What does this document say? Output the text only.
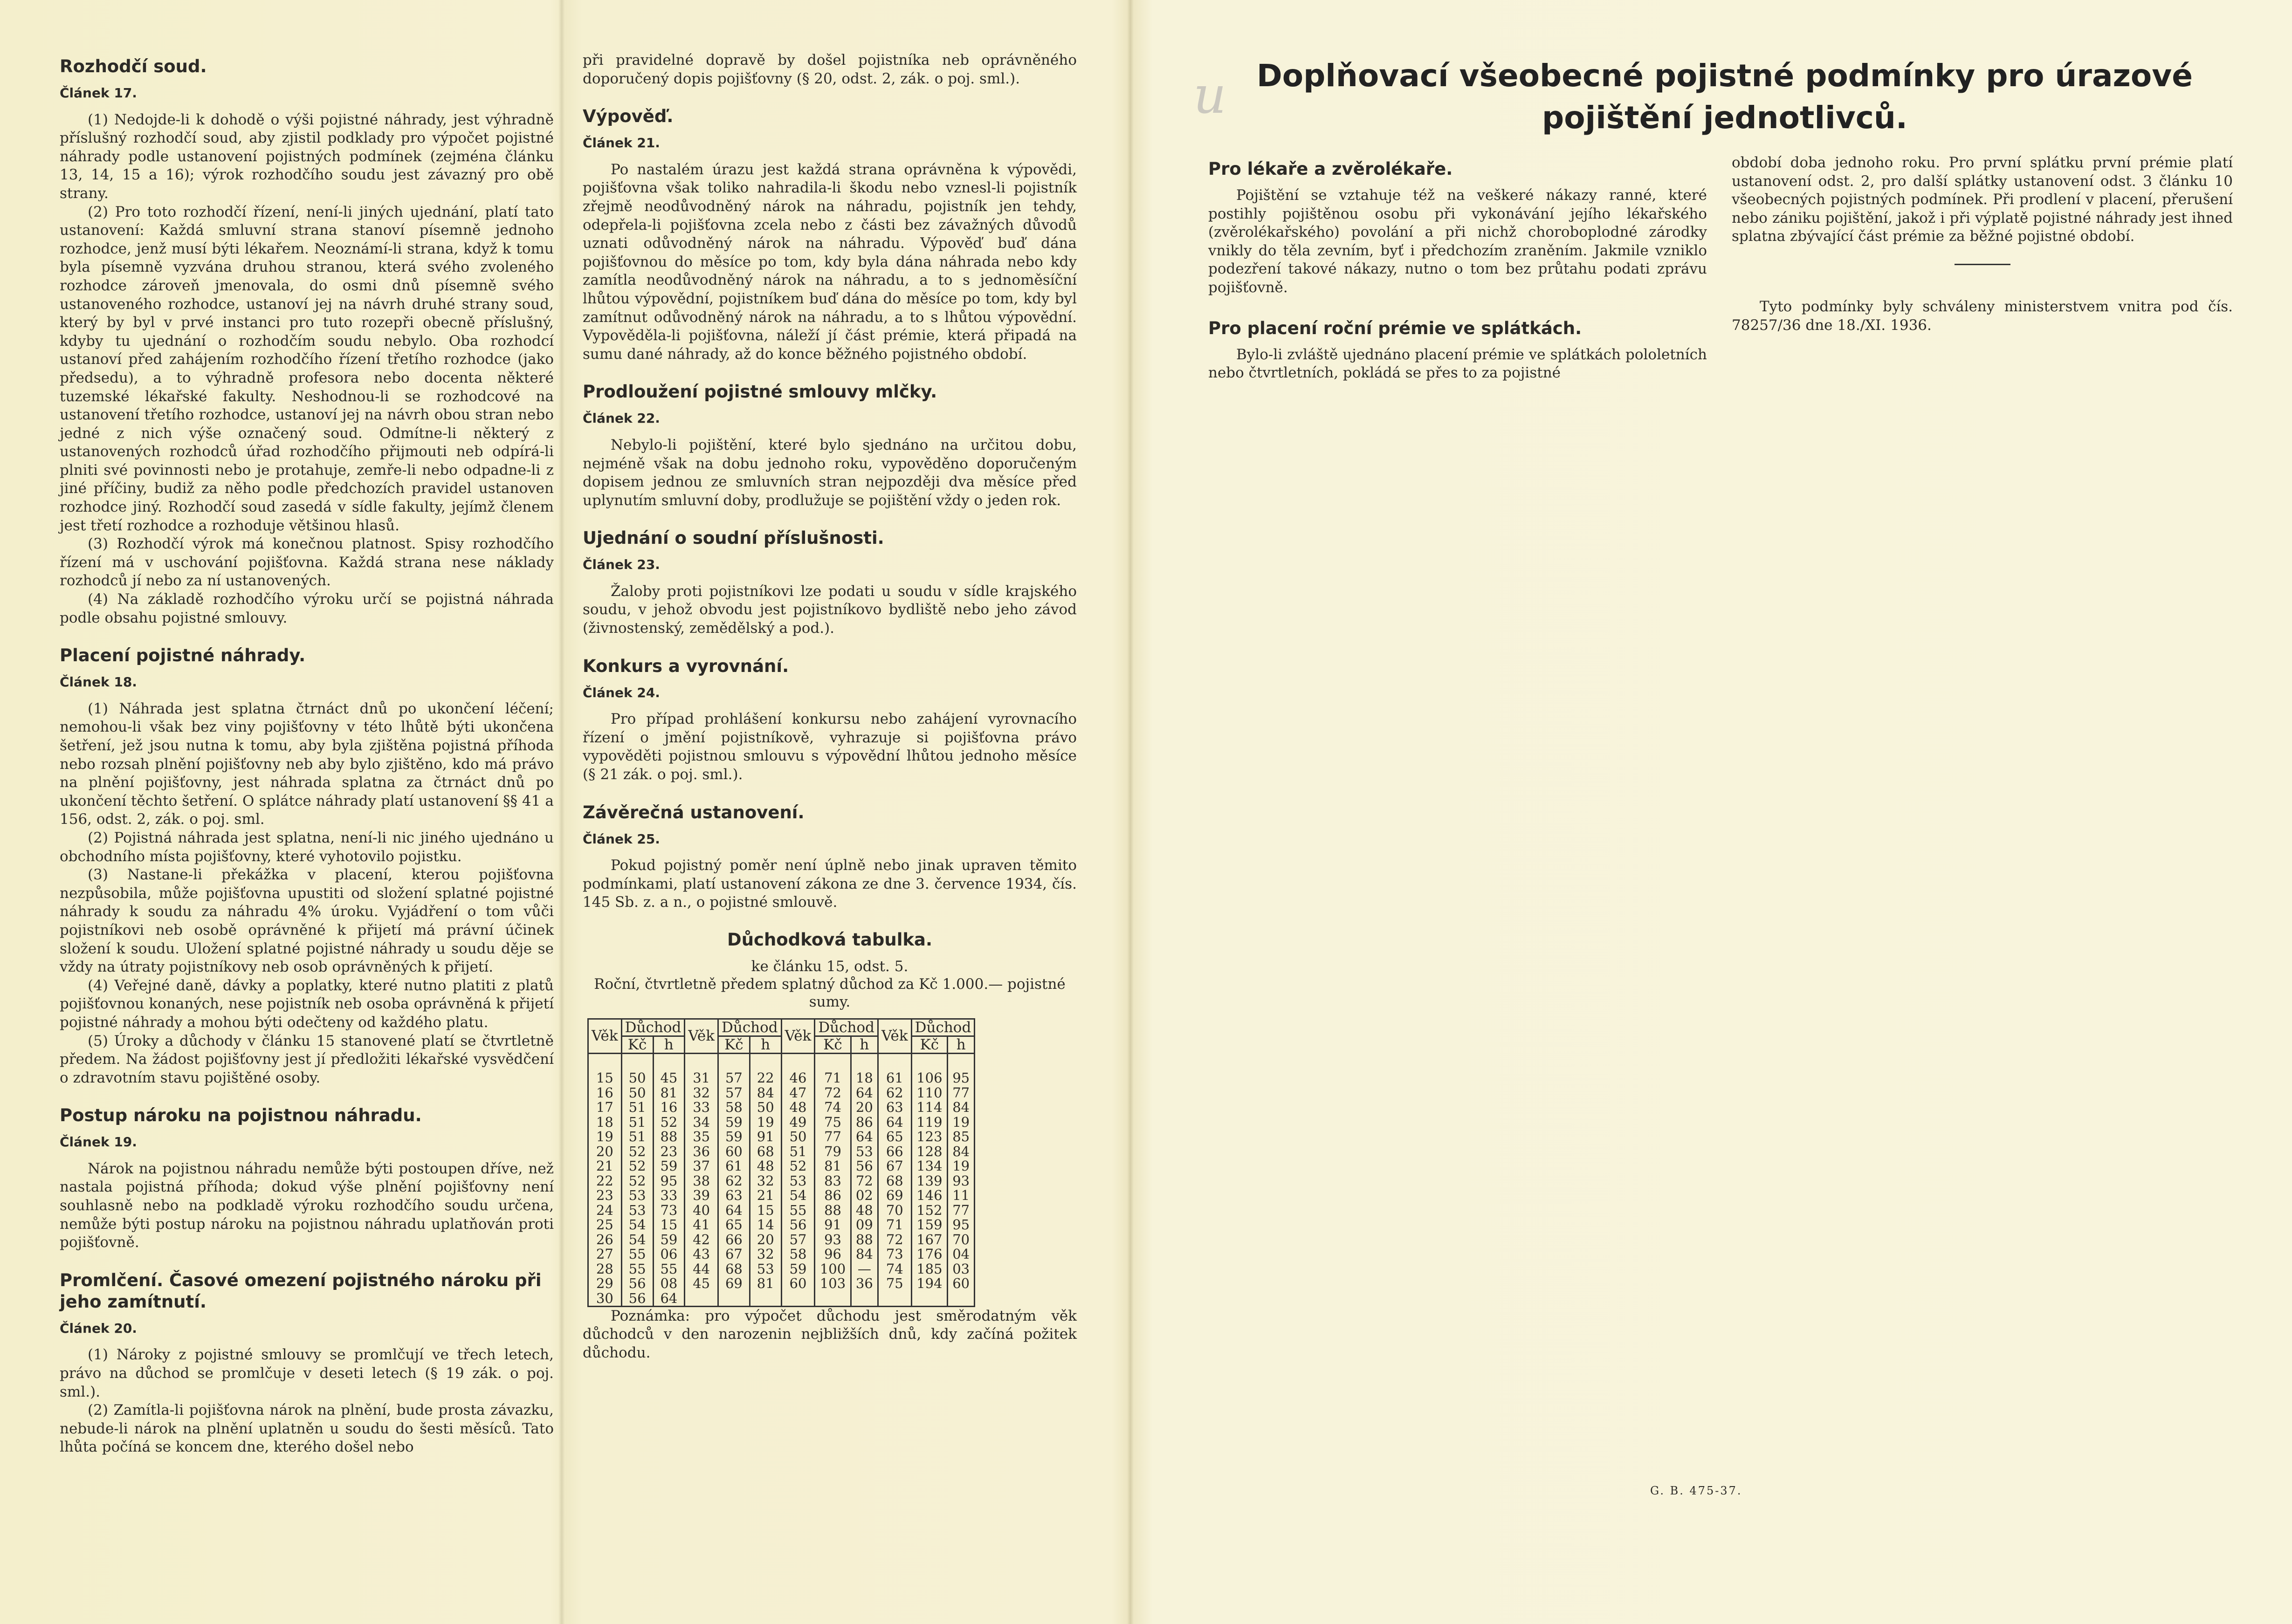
Rozhodčí soud.
Článek 17.

(1) Nedojde-li k dohodě o výši pojistné náhrady, jest výhradně příslušný rozhodčí soud, aby zjistil podklady pro výpočet pojistné náhrady podle ustanovení pojistných podmínek (zejména článku 13, 14, 15 a 16); výrok rozhodčího soudu jest závazný pro obě strany.

(2) Pro toto rozhodčí řízení, není-li jiných ujednání, platí tato ustanovení: Každá smluvní strana stanoví písemně jednoho rozhodce, jenž musí býti lékařem. Neoznámí-li strana, když k tomu byla písemně vyzvána druhou stranou, která svého zvoleného rozhodce zároveň jmenovala, do osmi dnů písemně svého ustanoveného rozhodce, ustanoví jej na návrh druhé strany soud, který by byl v prvé instanci pro tuto rozepři obecně příslušný, kdyby tu ujednání o rozhodčím soudu nebylo. Oba rozhodcí ustanoví před zahájením rozhodčího řízení třetího rozhodce (jako předsedu), a to výhradně profesora nebo docenta některé tuzemské lékařské fakulty. Neshodnou-li se rozhodcové na ustanovení třetího rozhodce, ustanoví jej na návrh obou stran nebo jedné z nich výše označený soud. Odmítne-li některý z ustanovených rozhodců úřad rozhodčího přijmouti neb odpírá-li plniti své povinnosti nebo je protahuje, zemře-li nebo odpadne-li z jiné příčiny, budiž za něho podle předchozích pravidel ustanoven rozhodce jiný. Rozhodčí soud zasedá v sídle fakulty, jejímž členem jest třetí rozhodce a rozhoduje většinou hlasů.

(3) Rozhodčí výrok má konečnou platnost. Spisy rozhodčího řízení má v uschování pojišťovna. Každá strana nese náklady rozhodců jí nebo za ní ustanovených.

(4) Na základě rozhodčího výroku určí se pojistná náhrada podle obsahu pojistné smlouvy.

Placení pojistné náhrady.
Článek 18.

(1) Náhrada jest splatna čtrnáct dnů po ukončení léčení; nemohou-li však bez viny pojišťovny v této lhůtě býti ukončena šetření, jež jsou nutna k tomu, aby byla zjištěna pojistná příhoda nebo rozsah plnění pojišťovny neb aby bylo zjištěno, kdo má právo na plnění pojišťovny, jest náhrada splatna za čtrnáct dnů po ukončení těchto šetření. O splátce náhrady platí ustanovení §§ 41 a 156, odst. 2, zák. o poj. sml.

(2) Pojistná náhrada jest splatna, není-li nic jiného ujednáno u obchodního místa pojišťovny, které vyhotovilo pojistku.

(3) Nastane-li překážka v placení, kterou pojišťovna nezpůsobila, může pojišťovna upustiti od složení splatné pojistné náhrady k soudu za náhradu 4% úroku. Vyjádření o tom vůči pojistníkovi neb osobě oprávněné k přijetí má právní účinek složení k soudu. Uložení splatné pojistné náhrady u soudu děje se vždy na útraty pojistníkovy neb osob oprávněných k přijetí.

(4) Veřejné daně, dávky a poplatky, které nutno platiti z platů pojišťovnou konaných, nese pojistník neb osoba oprávněná k přijetí pojistné náhrady a mohou býti odečteny od každého platu.

(5) Úroky a důchody v článku 15 stanovené platí se čtvrtletně předem. Na žádost pojišťovny jest jí předložiti lékařské vysvědčení o zdravotním stavu pojištěné osoby.

Postup nároku na pojistnou náhradu.
Článek 19.

Nárok na pojistnou náhradu nemůže býti postoupen dříve, než nastala pojistná příhoda; dokud výše plnění pojišťovny není souhlasně nebo na podkladě výroku rozhodčího soudu určena, nemůže býti postup nároku na pojistnou náhradu uplatňován proti pojišťovně.

Promlčení. Časové omezení pojistného nároku při jeho zamítnutí.
Článek 20.

(1) Nároky z pojistné smlouvy se promlčují ve třech letech, právo na důchod se promlčuje v deseti letech (§ 19 zák. o poj. sml.).

(2) Zamítla-li pojišťovna nárok na plnění, bude prosta závazku, nebude-li nárok na plnění uplatněn u soudu do šesti měsíců. Tato lhůta počíná se koncem dne, kterého došel nebo

při pravidelné dopravě by došel pojistníka neb oprávněného doporučený dopis pojišťovny (§ 20, odst. 2, zák. o poj. sml.).

Výpověď.
Článek 21.

Po nastalém úrazu jest každá strana oprávněna k výpovědi, pojišťovna však toliko nahradila-li škodu nebo vznesl-li pojistník zřejmě neodůvodněný nárok na náhradu, pojistník jen tehdy, odepřela-li pojišťovna zcela nebo z části bez závažných důvodů uznati odůvodněný nárok na náhradu. Výpověď buď dána pojišťovnou do měsíce po tom, kdy byla dána náhrada nebo kdy zamítla neodůvodněný nárok na náhradu, a to s jednoměsíční lhůtou výpovědní, pojistníkem buď dána do měsíce po tom, kdy byl zamítnut odůvodněný nárok na náhradu, a to s lhůtou výpovědní. Vypověděla-li pojišťovna, náleží jí část prémie, která připadá na sumu dané náhrady, až do konce běžného pojistného období.

Prodloužení pojistné smlouvy mlčky.
Článek 22.

Nebylo-li pojištění, které bylo sjednáno na určitou dobu, nejméně však na dobu jednoho roku, vypověděno doporučeným dopisem jednou ze smluvních stran nejpozději dva měsíce před uplynutím smluvní doby, prodlužuje se pojištění vždy o jeden rok.

Ujednání o soudní příslušnosti.
Článek 23.

Žaloby proti pojistníkovi lze podati u soudu v sídle krajského soudu, v jehož obvodu jest pojistníkovo bydliště nebo jeho závod (živnostenský, zemědělský a pod.).

Konkurs a vyrovnání.
Článek 24.

Pro případ prohlášení konkursu nebo zahájení vyrovnacího řízení o jmění pojistníkově, vyhrazuje si pojišťovna právo vypověděti pojistnou smlouvu s výpovědní lhůtou jednoho měsíce (§ 21 zák. o poj. sml.).

Závěrečná ustanovení.
Článek 25.

Pokud pojistný poměr není úplně nebo jinak upraven těmito podmínkami, platí ustanovení zákona ze dne 3. července 1934, čís. 145 Sb. z. a n., o pojistné smlouvě.

Důchodková tabulka.
ke článku 15, odst. 5.
Roční, čtvrtletně předem splatný důchod za Kč 1.000.— pojistné sumy.
Věk	Důchod		Věk	Důchod		Věk	Důchod		Věk	Důchod	
	Kč	h		Kč	h		Kč	h		Kč	h

15	50	45	31	57	22	46	71	18	61	106	95
16	50	81	32	57	84	47	72	64	62	110	77
17	51	16	33	58	50	48	74	20	63	114	84
18	51	52	34	59	19	49	75	86	64	119	19
19	51	88	35	59	91	50	77	64	65	123	85
20	52	23	36	60	68	51	79	53	66	128	84
21	52	59	37	61	48	52	81	56	67	134	19
22	52	95	38	62	32	53	83	72	68	139	93
23	53	33	39	63	21	54	86	02	69	146	11
24	53	73	40	64	15	55	88	48	70	152	77
25	54	15	41	65	14	56	91	09	71	159	95
26	54	59	42	66	20	57	93	88	72	167	70
27	55	06	43	67	32	58	96	84	73	176	04
28	55	55	44	68	53	59	100	—	74	185	03
29	56	08	45	69	81	60	103	36	75	194	60
30	56	64									

Poznámka: pro výpočet důchodu jest směrodatným věk důchodců v den narozenin nejbližších dnů, kdy začíná požitek důchodu.

u Doplňovací všeobecné pojistné podmínky pro úrazové pojištění jednotlivců.
Pro lékaře a zvěrolékaře.

Pojištění se vztahuje též na veškeré nákazy ranné, které postihly pojištěnou osobu při vykonávání jejího lékařského (zvěrolékařského) povolání a při nichž choroboplodné zárodky vnikly do těla zevním, byť i předchozím zraněním. Jakmile vzniklo podezření takové nákazy, nutno o tom bez průtahu podati zprávu pojišťovně.

Pro placení roční prémie ve splátkách.

Bylo-li zvláště ujednáno placení prémie ve splátkách pololetních nebo čtvrtletních, pokládá se přes to za pojistné

období doba jednoho roku. Pro první splátku první prémie platí ustanovení odst. 2, pro další splátky ustanovení odst. 3 článku 10 všeobecných pojistných podmínek. Při prodlení v placení, přerušení nebo zániku pojištění, jakož i při výplatě pojistné náhrady jest ihned splatna zbývající část prémie za běžné pojistné období.

Tyto podmínky byly schváleny ministerstvem vnitra pod čís. 78257/36 dne 18./XI. 1936.

G. B. 475-37.
